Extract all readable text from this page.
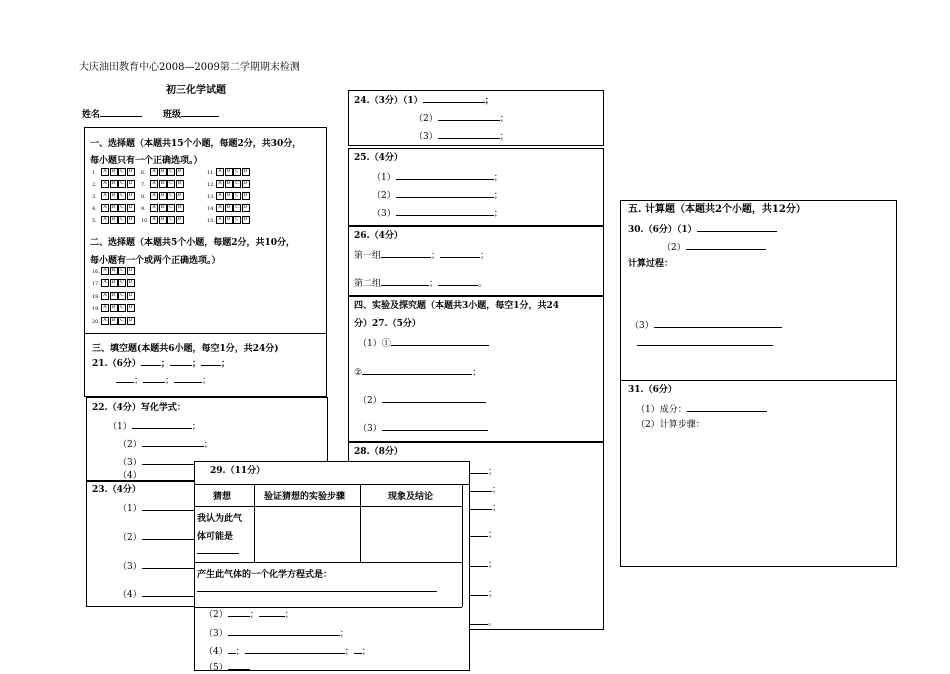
大庆油田教育中心2008—2009第二学期期末检测
初三化学试题
姓名	班级
一、选择题（本题共15个小题，每题2分，共30分，
每小题只有一个正确选项。）
二、选择题（本题共5个小题，每题2分，共10分，
每小题有一个或两个正确选项。）
三、填空题(本题共6小题，每空1分，共24分)
21.（6分） ； ； ；
； ；	；
22.（4分）写化学式：
（1）	；
（2）	；
（3）
（4）
23.（4分）
（1）
（2）
（3）
（4）
24.（3分）（1）	；
（2）	；
（3）	；
25.（4分）
（1）	；
（2）	；
（3）	；
26.（4分）
第一组	；	；
第二组	；	。
四、实验及探究题（本题共3小题，每空1分，共24
分）27.（5分）
（1）①
②	；
（2）
（3）
28.（8分）
；
；
；
；
；
；
。
29.（11分）
猜想	验证猜想的实验步骤	现象及结论
我认为此气
体可能是
产生此气体的一个化学方程式是：
（2） ；	；
（3）	；
（4） ；	； ；
（5）
五. 计算题（本题共2个小题，共12分）
30.（6分）（1）
（2）
计算过程：
（3）
31.（6分）
（1）成分：
（2）计算步骤：
1. A B C D
2. A B C D
3. A B C D
4. A B C D
5. A B C D
6. A B C D
7. A B C D
8. A B C D
9. A B C D
10. A B C D
11. A B C D
12. A B C D
13. A B C D
14. A B C D
15. A B C D
16. A B C D
17. A B C D
18. A B C D
19. A B C D
20. A B C D
